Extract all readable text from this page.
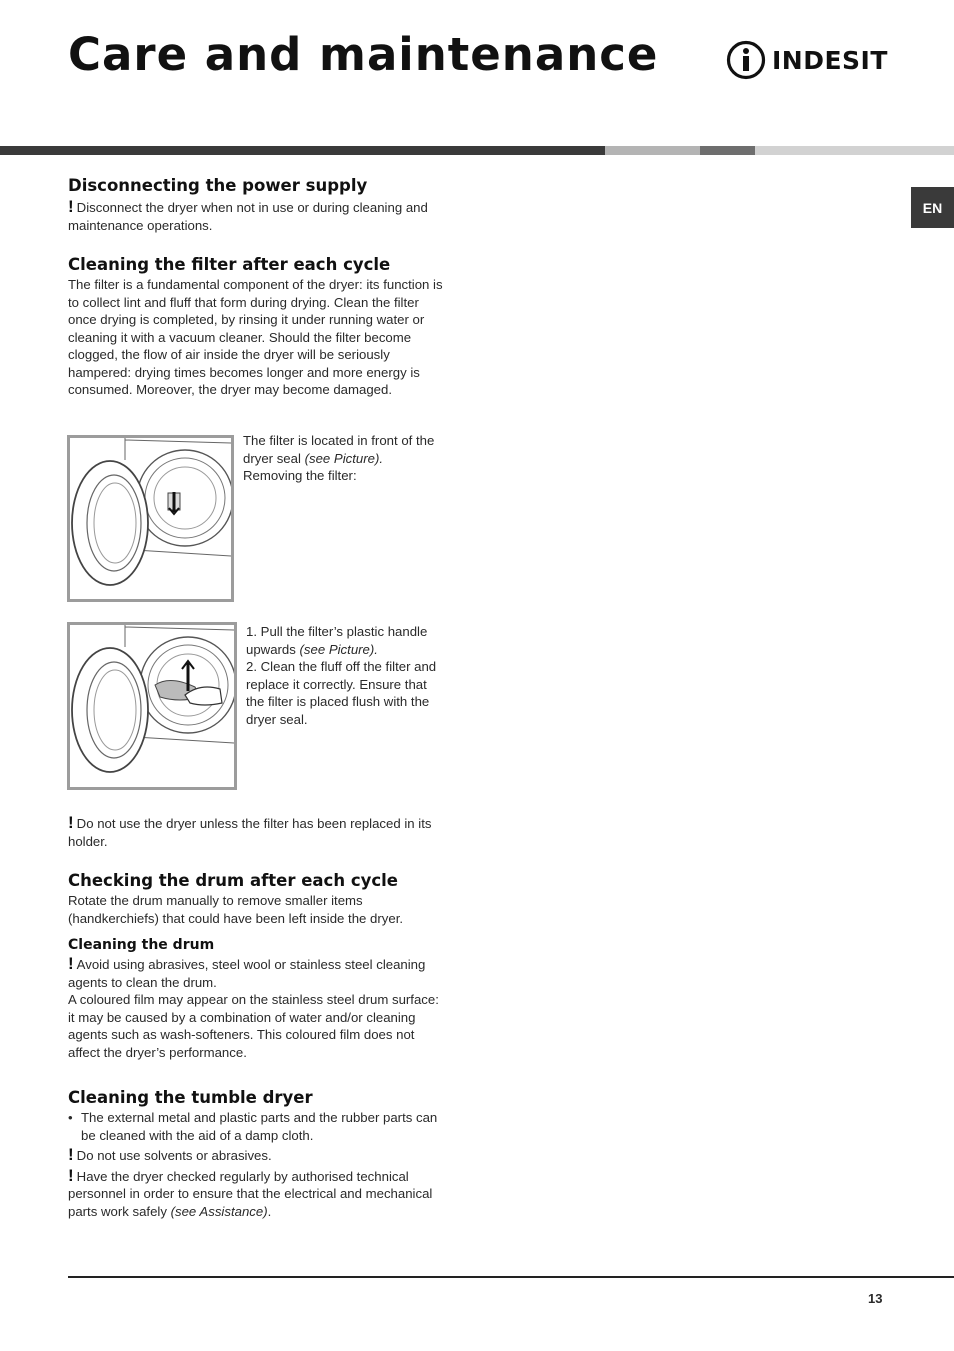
Care and maintenance	INDESIT
EN
Disconnecting the power supply

! Disconnect the dryer when not in use or during cleaning and maintenance operations.

Cleaning the filter after each cycle

The filter is a fundamental component of the dryer: its function is to collect lint and fluff that form during drying. Clean the filter once drying is completed, by rinsing it under running water or cleaning it with a vacuum cleaner. Should the filter become clogged, the flow of air inside the dryer will be seriously hampered: drying times becomes longer and more energy is consumed. Moreover, the dryer may become damaged.

The filter is located in front of the dryer seal (see Picture).
Removing the filter:

1. Pull the filter’s plastic handle upwards (see Picture).
2. Clean the fluff off the filter and replace it correctly. Ensure that the filter is placed flush with the dryer seal.

! Do not use the dryer unless the filter has been replaced in its holder.

Checking the drum after each cycle

Rotate the drum manually to remove smaller items (handkerchiefs) that could have been left inside the dryer.

Cleaning the drum

! Avoid using abrasives, steel wool or stainless steel cleaning agents to clean the drum.

A coloured film may appear on the stainless steel drum surface: it may be caused by a combination of water and/or cleaning agents such as wash-softeners. This coloured film does not affect the dryer’s performance.

Cleaning the tumble dryer
• The external metal and plastic parts and the rubber parts can be cleaned with the aid of a damp cloth.

! Do not use solvents or abrasives.

! Have the dryer checked regularly by authorised technical personnel in order to ensure that the electrical and mechanical parts work safely (see Assistance).

13
